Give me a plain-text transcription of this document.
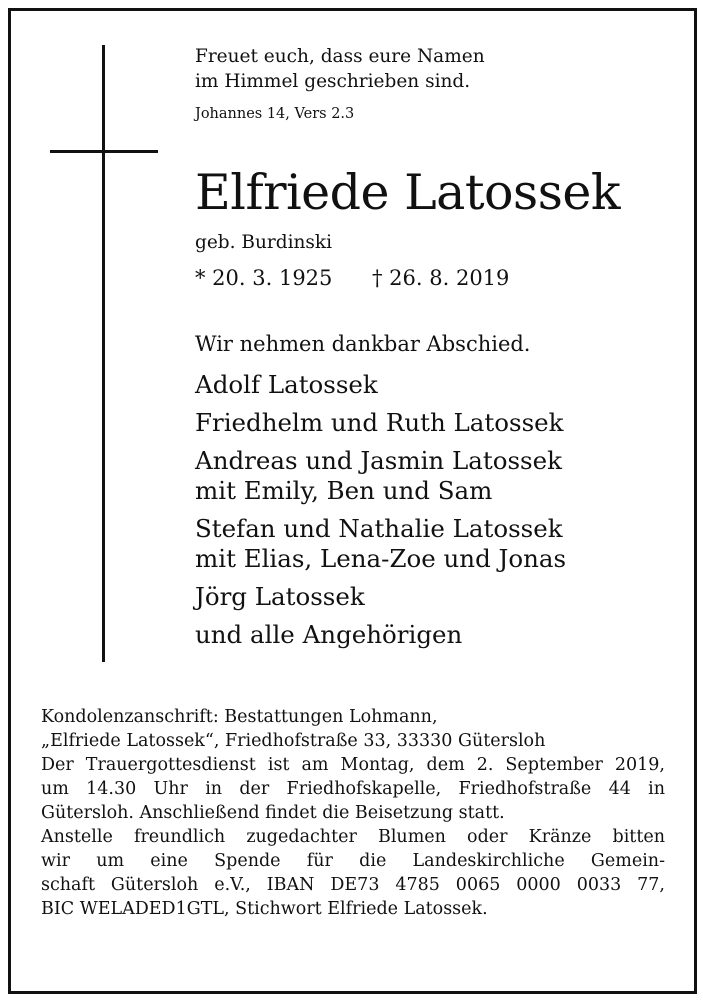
Freuet euch, dass eure Namen
im Himmel geschrieben sind.
Johannes 14, Vers 2.3
Elfriede Latossek
geb. Burdinski
* 20. 3. 1925 † 26. 8. 2019
Wir nehmen dankbar Abschied.
Adolf Latossek
Friedhelm und Ruth Latossek
Andreas und Jasmin Latossek
mit Emily, Ben und Sam
Stefan und Nathalie Latossek
mit Elias, Lena-Zoe und Jonas
Jörg Latossek
und alle Angehörigen
Kondolenzanschrift: Bestattungen Lohmann,
„Elfriede Latossek“, Friedhofstraße 33, 33330 Gütersloh
Der Trauergottesdienst ist am Montag, dem 2. September 2019,
um 14.30 Uhr in der Friedhofskapelle, Friedhofstraße 44 in
Gütersloh. Anschließend findet die Beisetzung statt.
Anstelle freundlich zugedachter Blumen oder Kränze bitten
wir um eine Spende für die Landeskirchliche Gemein-
schaft Gütersloh e.V., IBAN DE73 4785 0065 0000 0033 77,
BIC WELADED1GTL, Stichwort Elfriede Latossek.
